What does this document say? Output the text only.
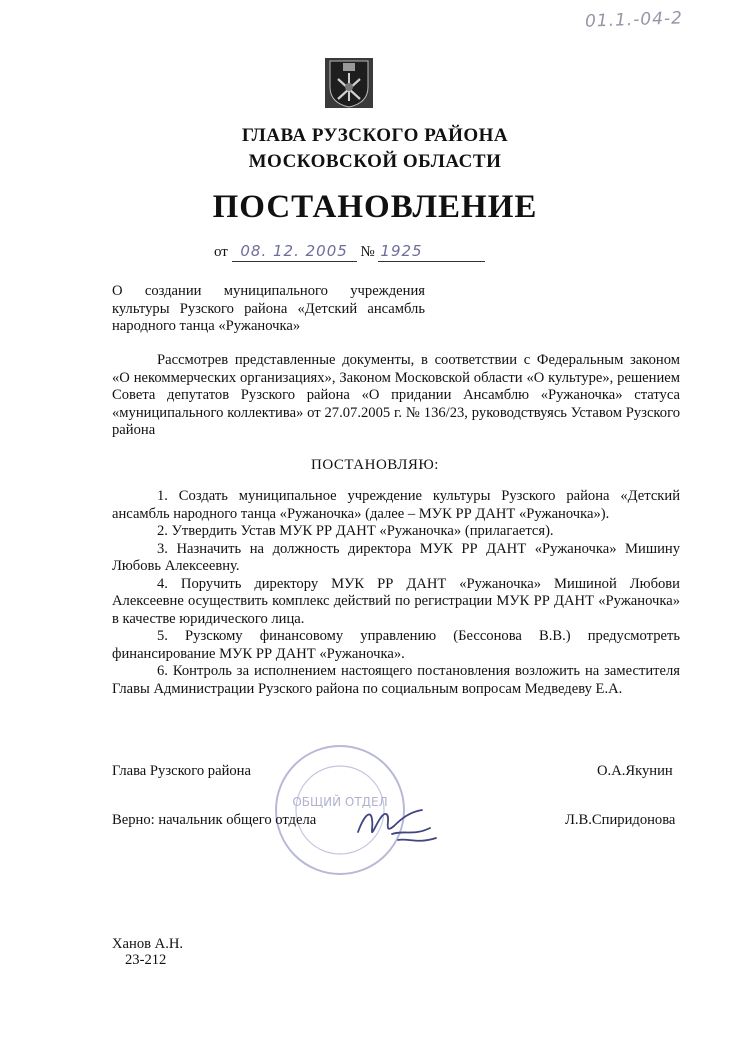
01.1.-04-2
ГЛАВА РУЗСКОГО РАЙОНА
МОСКОВСКОЙ ОБЛАСТИ
ПОСТАНОВЛЕНИЕ
от 08. 12. 2005 № 1925
О создании муниципального учреждения культуры Рузского района «Детский ансамбль народного танца «Ружаночка»

Рассмотрев представленные документы, в соответствии с Федеральным законом «О некоммерческих организациях», Законом Московской области «О культуре», решением Совета депутатов Рузского района «О придании Ансамблю «Ружаночка» статуса «муниципального коллектива» от 27.07.2005 г. № 136/23, руководствуясь Уставом Рузского района

ПОСТАНОВЛЯЮ:

1. Создать муниципальное учреждение культуры Рузского района «Детский ансамбль народного танца «Ружаночка» (далее – МУК РР ДАНТ «Ружаночка»).

2. Утвердить Устав МУК РР ДАНТ «Ружаночка» (прилагается).

3. Назначить на должность директора МУК РР ДАНТ «Ружаночка» Мишину Любовь Алексеевну.

4. Поручить директору МУК РР ДАНТ «Ружаночка» Мишиной Любови Алексеевне осуществить комплекс действий по регистрации МУК РР ДАНТ «Ружаночка» в качестве юридического лица.

5. Рузскому финансовому управлению (Бессонова В.В.) предусмотреть финансирование МУК РР ДАНТ «Ружаночка».

6. Контроль за исполнением настоящего постановления возложить на заместителя Главы Администрации Рузского района по социальным вопросам Медведеву Е.А.

ОБЩИЙ ОТДЕЛ
Глава Рузского района	О.А.Якунин
Верно: начальник общего отдела	Л.В.Спиридонова
Ханов А.Н.
23-212
